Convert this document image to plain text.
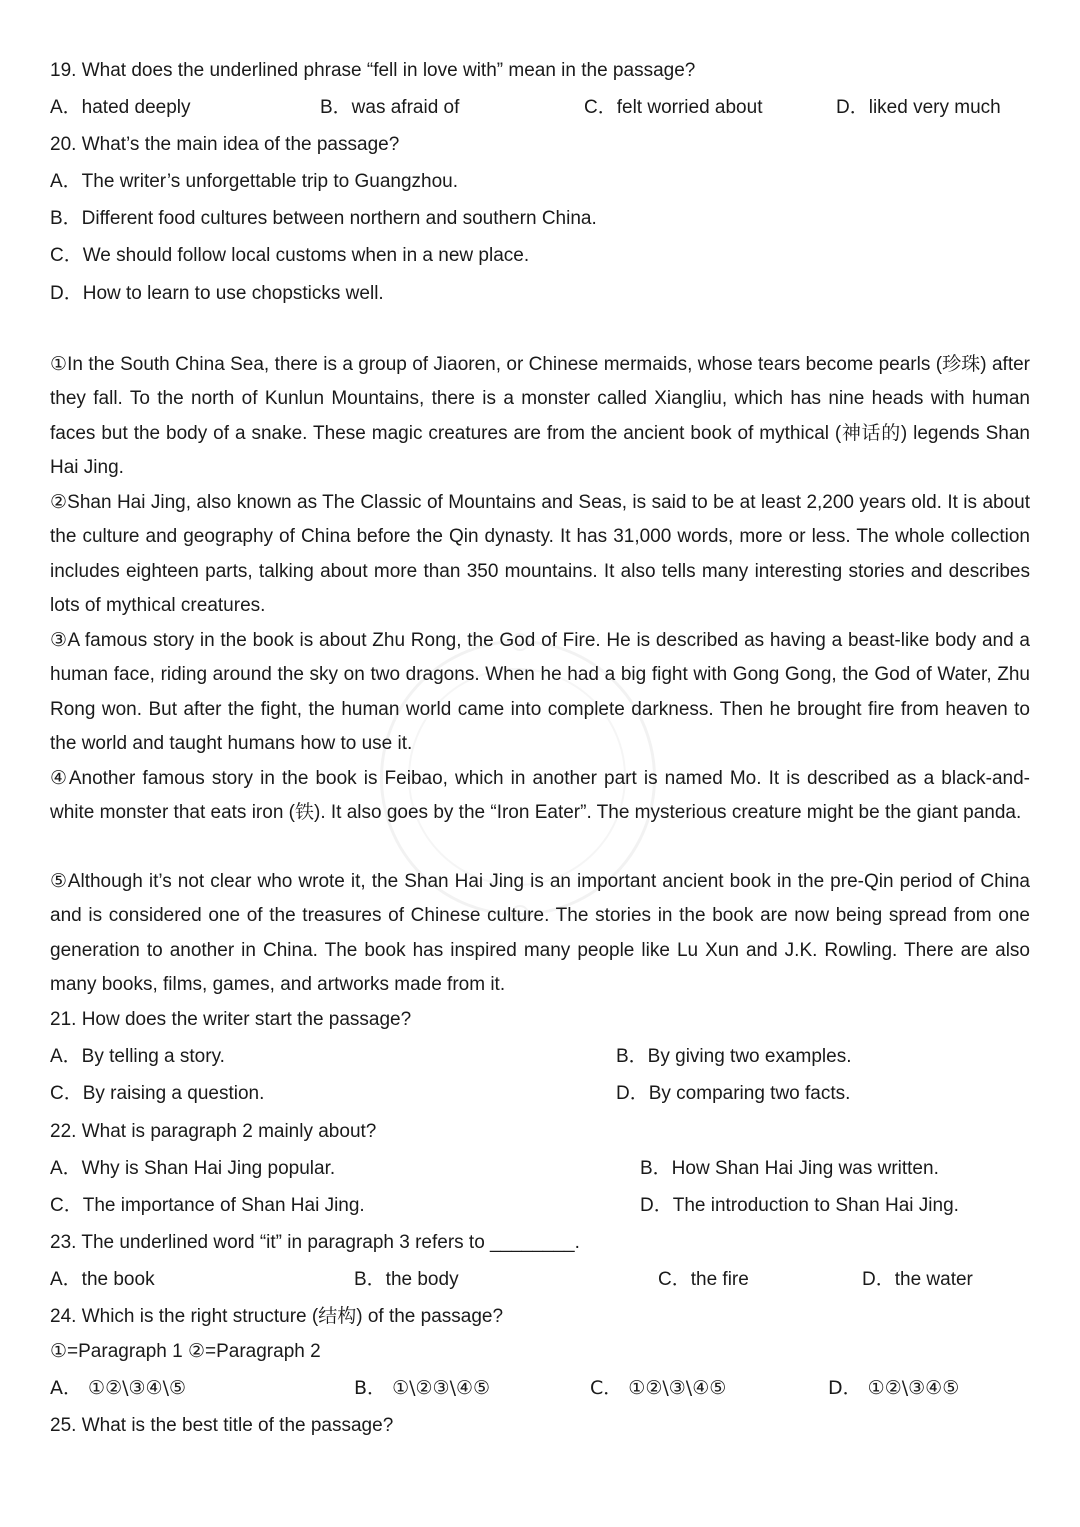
19. What does the underlined phrase “fell in love with” mean in the passage?
A．hated deeply	B．was afraid of	C．felt worried about	D．liked very much
20. What’s the main idea of the passage?
A．The writer’s unforgettable trip to Guangzhou.
B．Different food cultures between northern and southern China.
C．We should follow local customs when in a new place.
D．How to learn to use chopsticks well.
①In the South China Sea, there is a group of Jiaoren, or Chinese mermaids, whose tears become pearls (珍珠) after they fall. To the north of Kunlun Mountains, there is a monster called Xiangliu, which has nine heads with human faces but the body of a snake. These magic creatures are from the ancient book of mythical (神话的) legends Shan Hai Jing.
②Shan Hai Jing, also known as The Classic of Mountains and Seas, is said to be at least 2,200 years old. It is about the culture and geography of China before the Qin dynasty. It has 31,000 words, more or less. The whole collection includes eighteen parts, talking about more than 350 mountains. It also tells many interesting stories and describes lots of mythical creatures.
③A famous story in the book is about Zhu Rong, the God of Fire. He is described as having a beast-like body and a human face, riding around the sky on two dragons. When he had a big fight with Gong Gong, the God of Water, Zhu Rong won. But after the fight, the human world came into complete darkness. Then he brought fire from heaven to the world and taught humans how to use it.
④Another famous story in the book is Feibao, which in another part is named Mo. It is described as a black-and-white monster that eats iron (铁). It also goes by the “Iron Eater”. The mysterious creature might be the giant panda.
⑤Although it’s not clear who wrote it, the Shan Hai Jing is an important ancient book in the pre-Qin period of China and is considered one of the treasures of Chinese culture. The stories in the book are now being spread from one generation to another in China. The book has inspired many people like Lu Xun and J.K. Rowling. There are also many books, films, games, and artworks made from it.
21. How does the writer start the passage?
A．By telling a story.	B．By giving two examples.
C．By raising a question.	D．By comparing two facts.
22. What is paragraph 2 mainly about?
A．Why is Shan Hai Jing popular.	B．How Shan Hai Jing was written.
C．The importance of Shan Hai Jing.	D．The introduction to Shan Hai Jing.
23. The underlined word “it” in paragraph 3 refers to ________.
A．the book	B．the body	C．the fire	D．the water
24. Which is the right structure (结构) of the passage?
①=Paragraph 1 ②=Paragraph 2
A． ①②\③④\⑤	B． ①\②③\④⑤	C． ①②\③\④⑤	D． ①②\③④⑤
25. What is the best title of the passage?
